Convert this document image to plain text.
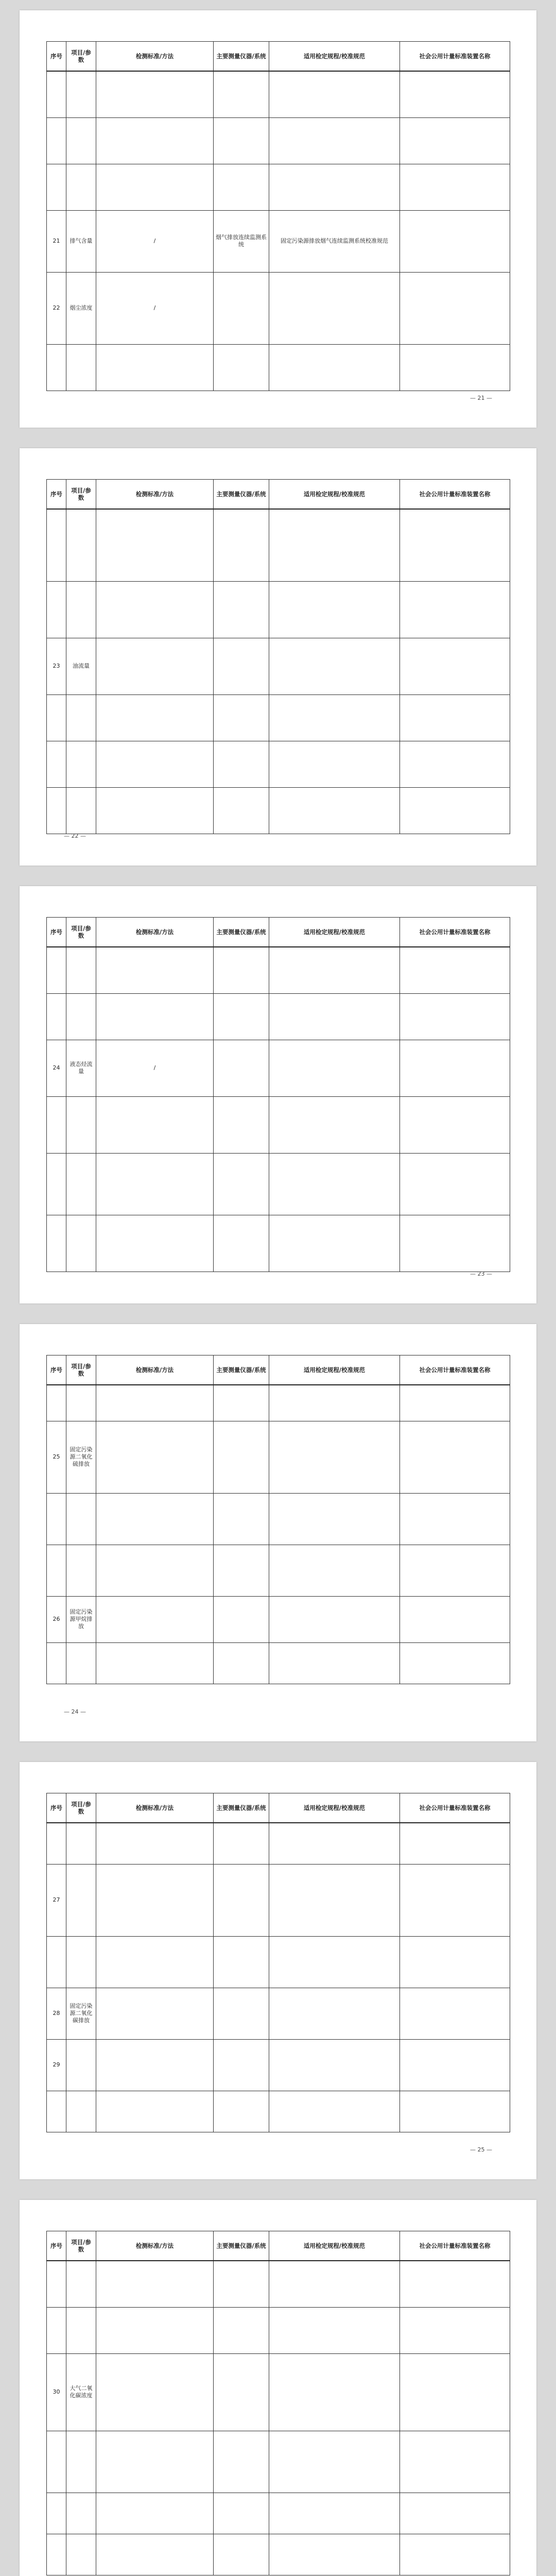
序号	项目/参数	检测标准/方法	主要测量仪器/系统	适用检定规程/校准规范	社会公用计量标准装置名称

21	排气含量	/	烟气排放连续监测系统	固定污染源排放烟气连续监测系统校准规范	
22	烟尘浓度	/			

— 21 —
序号	项目/参数	检测标准/方法	主要测量仪器/系统	适用检定规程/校准规范	社会公用计量标准装置名称

23	油流量				

— 22 —
序号	项目/参数	检测标准/方法	主要测量仪器/系统	适用检定规程/校准规范	社会公用计量标准装置名称

24	液态烃流量	/			

— 23 —
序号	项目/参数	检测标准/方法	主要测量仪器/系统	适用检定规程/校准规范	社会公用计量标准装置名称

25	固定污染源二氧化硫排放				

26	固定污染源甲烷排放				

— 24 —
序号	项目/参数	检测标准/方法	主要测量仪器/系统	适用检定规程/校准规范	社会公用计量标准装置名称

27					

28	固定污染源二氧化碳排放				
29					

— 25 —
序号	项目/参数	检测标准/方法	主要测量仪器/系统	适用检定规程/校准规范	社会公用计量标准装置名称

30	大气二氧化碳浓度				
